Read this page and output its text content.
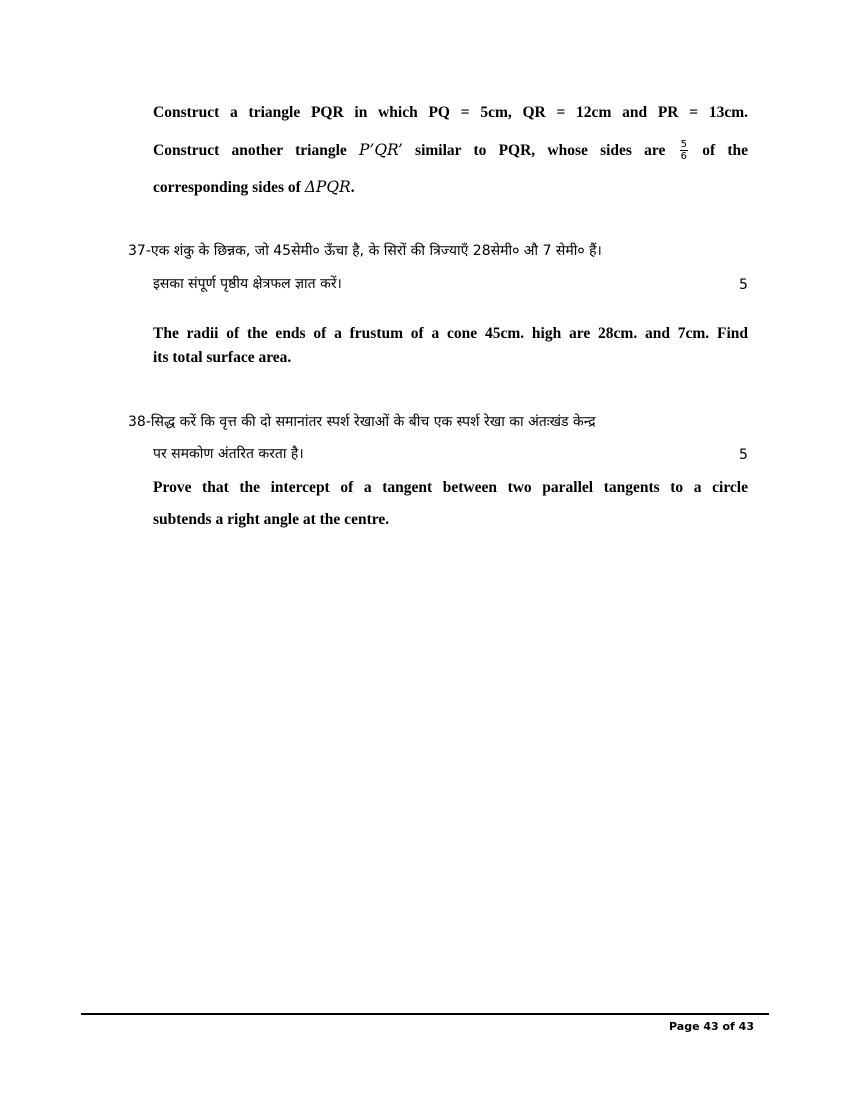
Construct a triangle PQR in which PQ = 5cm, QR = 12cm and PR = 13cm.
Construct another triangle P’QR’ similar to PQR, whose sides are $\frac{5}{6}$ of the
corresponding sides of ΔPQR.
37-एक शंकु के छिन्नक, जो 45सेमी० ऊँचा है, के सिरों की त्रिज्याएँ 28सेमी० औ 7 सेमी० हैं।
इसका संपूर्ण पृष्ठीय क्षेत्रफल ज्ञात करें।	5
The radii of the ends of a frustum of a cone 45cm. high are 28cm. and 7cm. Find
its total surface area.
38-सिद्ध करें कि वृत्त की दो समानांतर स्पर्श रेखाओं के बीच एक स्पर्श रेखा का अंतःखंड केन्द्र
पर समकोण अंतरित करता है।	5
Prove that the intercept of a tangent between two parallel tangents to a circle
subtends a right angle at the centre.
Page 43 of 43
